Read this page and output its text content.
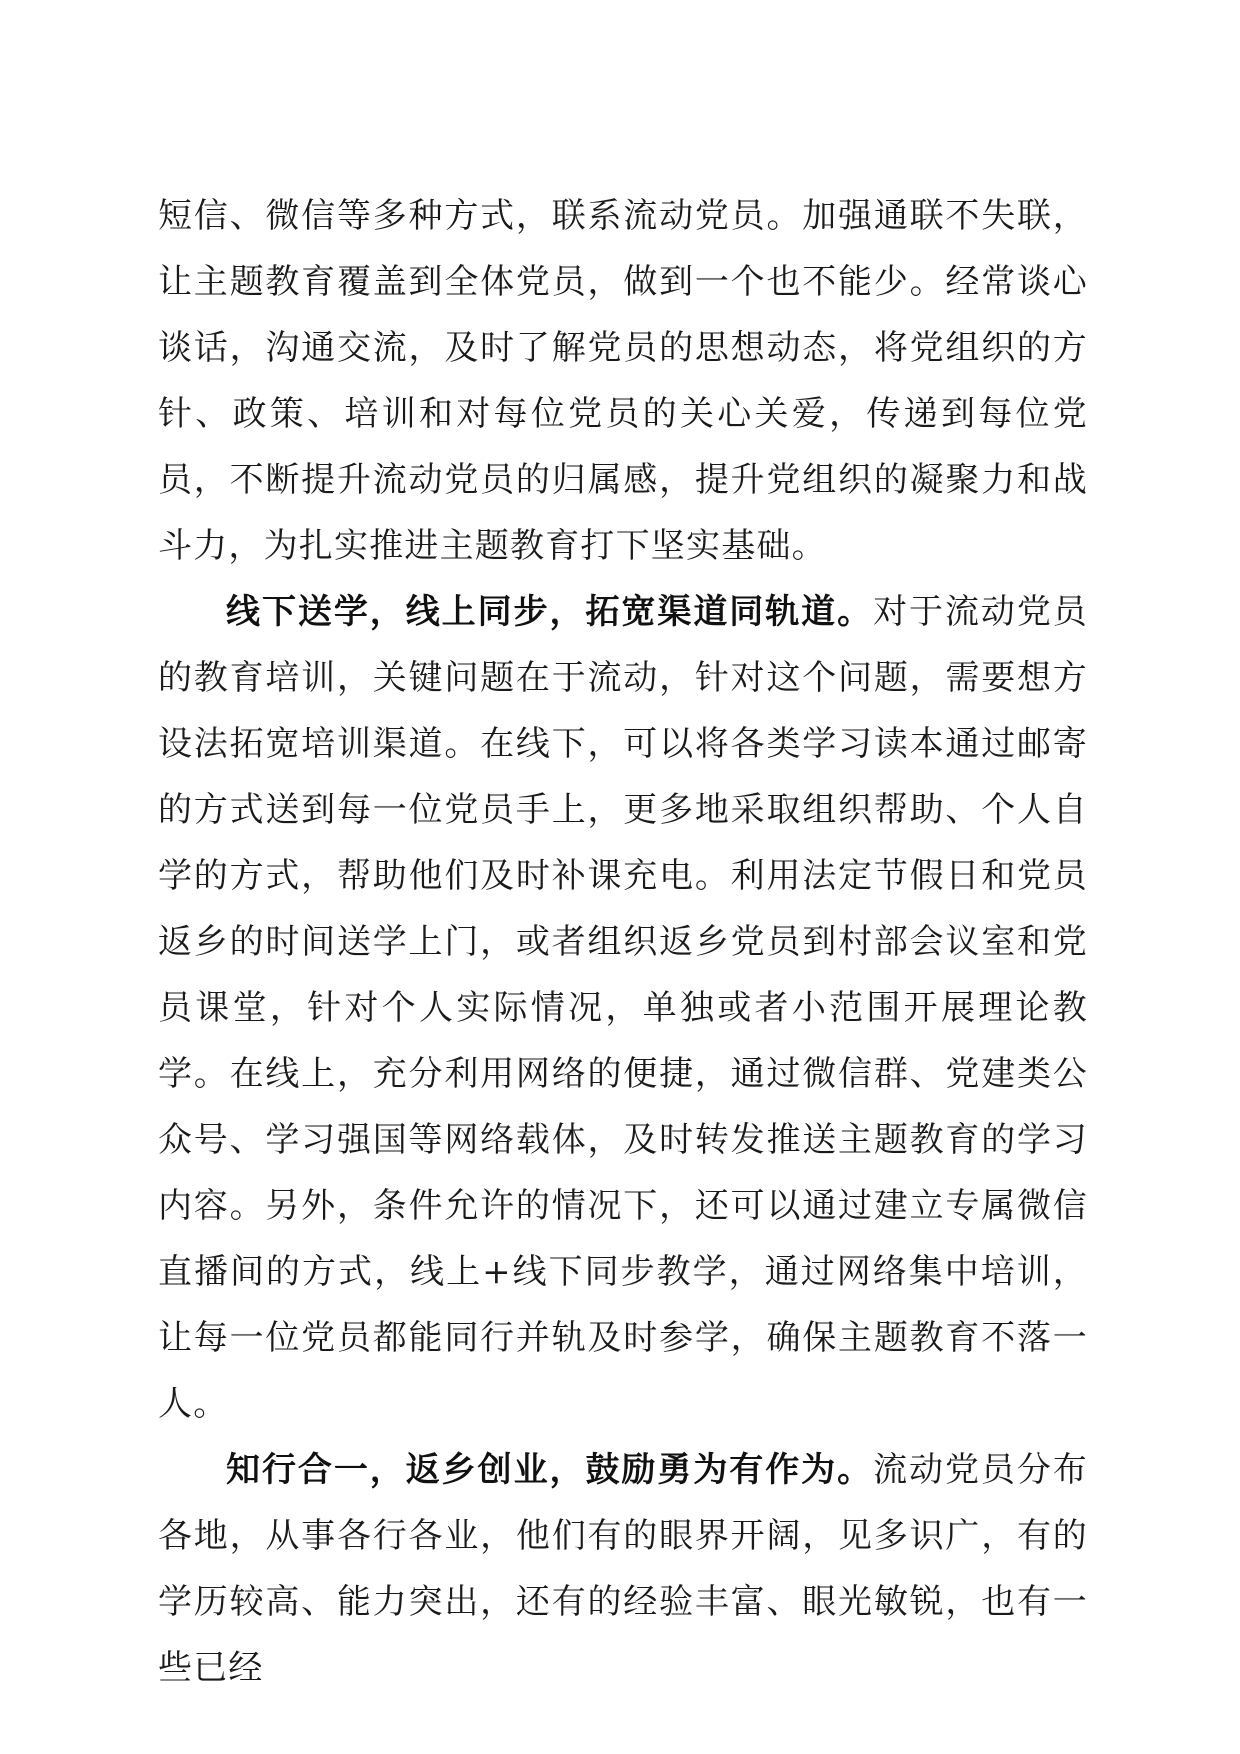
短信、微信等多种方式，联系流动党员。加强通联不失联，让主题教育覆盖到全体党员，做到一个也不能少。经常谈心谈话，沟通交流，及时了解党员的思想动态，将党组织的方针、政策、培训和对每位党员的关心关爱，传递到每位党员，不断提升流动党员的归属感，提升党组织的凝聚力和战斗力，为扎实推进主题教育打下坚实基础。

线下送学，线上同步，拓宽渠道同轨道。对于流动党员的教育培训，关键问题在于流动，针对这个问题，需要想方设法拓宽培训渠道。在线下，可以将各类学习读本通过邮寄的方式送到每一位党员手上，更多地采取组织帮助、个人自学的方式，帮助他们及时补课充电。利用法定节假日和党员返乡的时间送学上门，或者组织返乡党员到村部会议室和党员课堂，针对个人实际情况，单独或者小范围开展理论教学。在线上，充分利用网络的便捷，通过微信群、党建类公众号、学习强国等网络载体，及时转发推送主题教育的学习内容。另外，条件允许的情况下，还可以通过建立专属微信直播间的方式，线上+线下同步教学，通过网络集中培训，让每一位党员都能同行并轨及时参学，确保主题教育不落一人。

知行合一，返乡创业，鼓励勇为有作为。流动党员分布各地，从事各行各业，他们有的眼界开阔，见多识广，有的学历较高、能力突出，还有的经验丰富、眼光敏锐，也有一些已经
